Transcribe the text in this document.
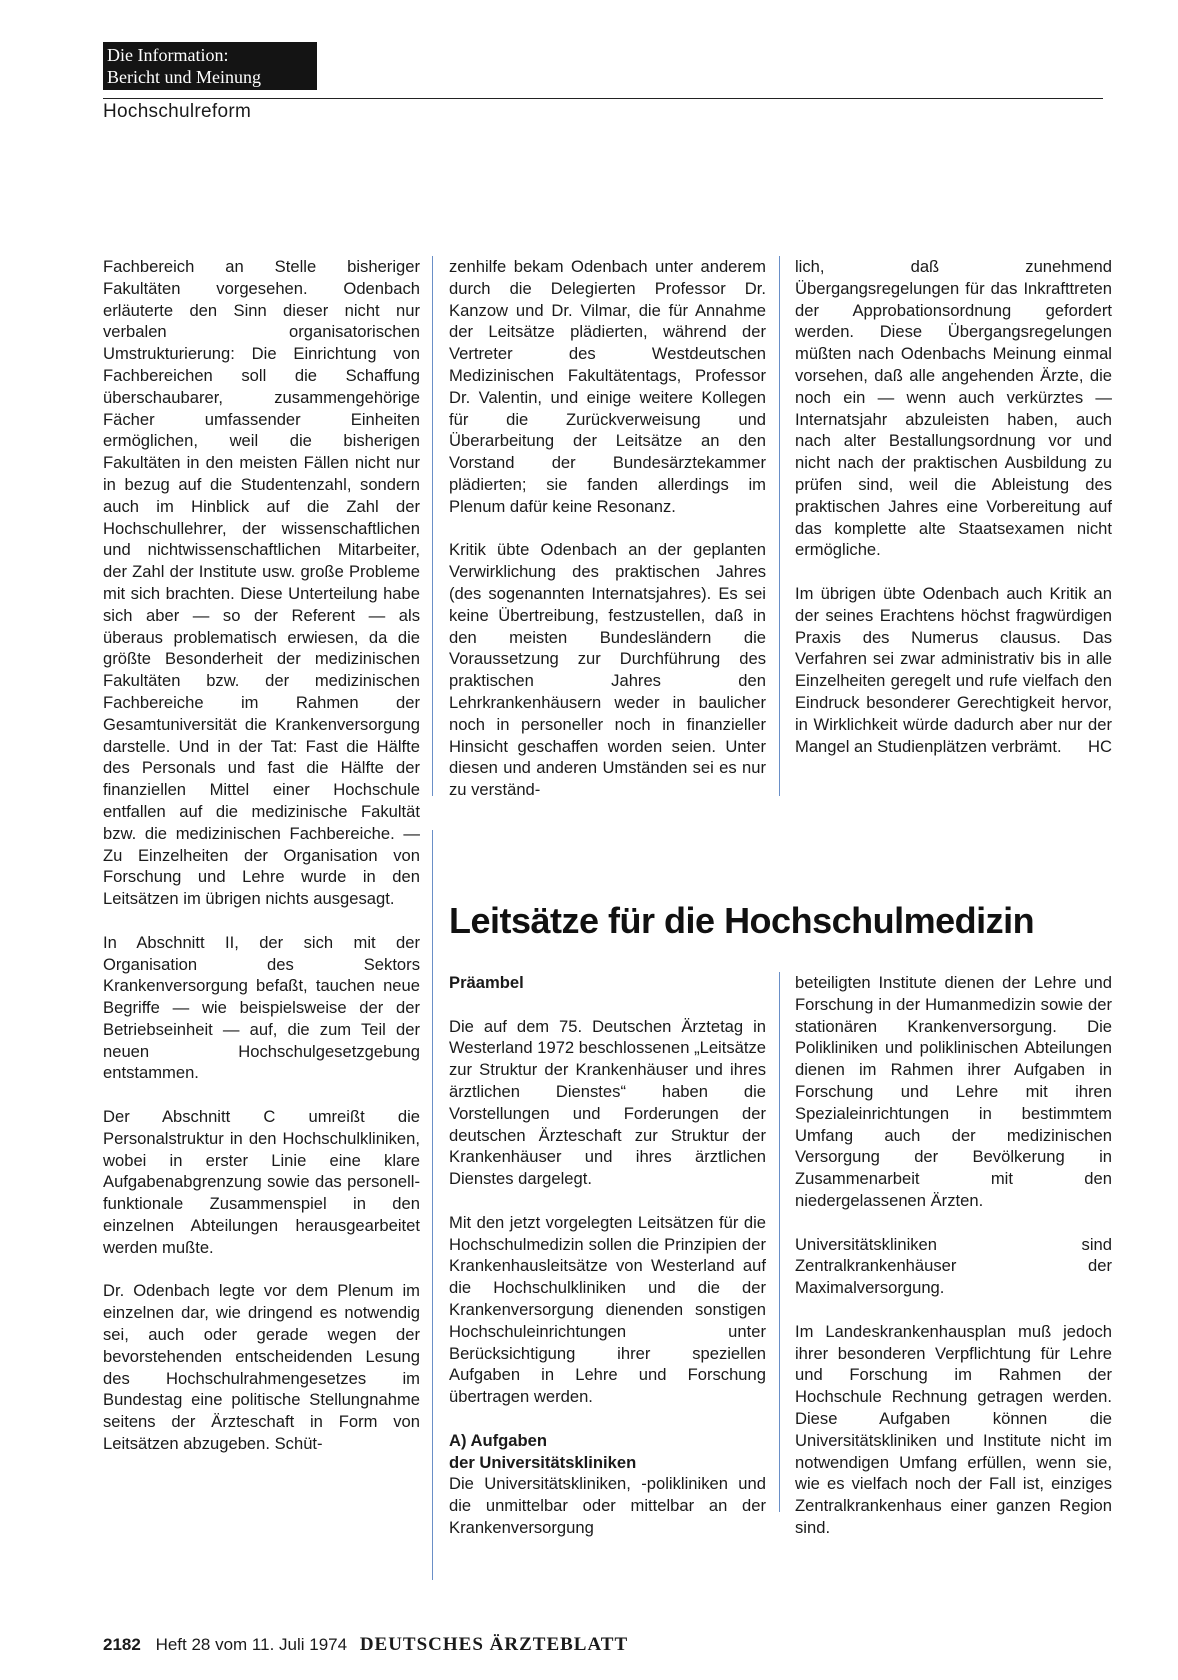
Die Information:
Bericht und Meinung
Hochschulreform

Fachbereich an Stelle bisheriger Fakultäten vorgesehen. Odenbach erläuterte den Sinn dieser nicht nur verbalen organisatorischen Umstrukturierung: Die Einrichtung von Fachbereichen soll die Schaffung überschaubarer, zusammengehörige Fächer umfassender Einheiten ermöglichen, weil die bisherigen Fakultäten in den meisten Fällen nicht nur in bezug auf die Studentenzahl, sondern auch im Hinblick auf die Zahl der Hochschullehrer, der wissenschaftlichen und nichtwissenschaftlichen Mitarbeiter, der Zahl der Institute usw. große Probleme mit sich brachten. Diese Unterteilung habe sich aber — so der Referent — als überaus problematisch erwiesen, da die größte Besonderheit der medizinischen Fakultäten bzw. der medizinischen Fachbereiche im Rahmen der Gesamtuniversität die Krankenversorgung darstelle. Und in der Tat: Fast die Hälfte des Personals und fast die Hälfte der finanziellen Mittel einer Hochschule entfallen auf die medizinische Fakultät bzw. die medizinischen Fachbereiche. — Zu Einzelheiten der Organisation von Forschung und Lehre wurde in den Leitsätzen im übrigen nichts ausgesagt.

In Abschnitt II, der sich mit der Organisation des Sektors Krankenversorgung befaßt, tauchen neue Begriffe — wie beispielsweise der der Betriebseinheit — auf, die zum Teil der neuen Hochschulgesetzgebung entstammen.

Der Abschnitt C umreißt die Personalstruktur in den Hochschulkliniken, wobei in erster Linie eine klare Aufgabenabgrenzung sowie das personell-funktionale Zusammenspiel in den einzelnen Abteilungen herausgearbeitet werden mußte.

Dr. Odenbach legte vor dem Plenum im einzelnen dar, wie dringend es notwendig sei, auch oder gerade wegen der bevorstehenden entscheidenden Lesung des Hochschulrahmengesetzes im Bundestag eine politische Stellungnahme seitens der Ärzteschaft in Form von Leitsätzen abzugeben. Schüt-

zenhilfe bekam Odenbach unter anderem durch die Delegierten Professor Dr. Kanzow und Dr. Vilmar, die für Annahme der Leitsätze plädierten, während der Vertreter des Westdeutschen Medizinischen Fakultätentags, Professor Dr. Valentin, und einige weitere Kollegen für die Zurückverweisung und Überarbeitung der Leitsätze an den Vorstand der Bundesärztekammer plädierten; sie fanden allerdings im Plenum dafür keine Resonanz.

Kritik übte Odenbach an der geplanten Verwirklichung des praktischen Jahres (des sogenannten Internatsjahres). Es sei keine Übertreibung, festzustellen, daß in den meisten Bundesländern die Voraussetzung zur Durchführung des praktischen Jahres den Lehrkrankenhäusern weder in baulicher noch in personeller noch in finanzieller Hinsicht geschaffen worden seien. Unter diesen und anderen Umständen sei es nur zu verständ-

lich, daß zunehmend Übergangsregelungen für das Inkrafttreten der Approbationsordnung gefordert werden. Diese Übergangsregelungen müßten nach Odenbachs Meinung einmal vorsehen, daß alle angehenden Ärzte, die noch ein — wenn auch verkürztes — Internatsjahr abzuleisten haben, auch nach alter Bestallungsordnung vor und nicht nach der praktischen Ausbildung zu prüfen sind, weil die Ableistung des praktischen Jahres eine Vorbereitung auf das komplette alte Staatsexamen nicht ermögliche.

Im übrigen übte Odenbach auch Kritik an der seines Erachtens höchst fragwürdigen Praxis des Numerus clausus. Das Verfahren sei zwar administrativ bis in alle Einzelheiten geregelt und rufe vielfach den Eindruck besonderer Gerechtigkeit hervor, in Wirklichkeit würde dadurch aber nur der Mangel an Studienplätzen verbrämt. HC

Leitsätze für die Hochschulmedizin

Präambel

Die auf dem 75. Deutschen Ärztetag in Westerland 1972 beschlossenen „Leitsätze zur Struktur der Krankenhäuser und ihres ärztlichen Dienstes“ haben die Vorstellungen und Forderungen der deutschen Ärzteschaft zur Struktur der Krankenhäuser und ihres ärztlichen Dienstes dargelegt.

Mit den jetzt vorgelegten Leitsätzen für die Hochschulmedizin sollen die Prinzipien der Krankenhausleitsätze von Westerland auf die Hochschulkliniken und die der Krankenversorgung dienenden sonstigen Hochschuleinrichtungen unter Berücksichtigung ihrer speziellen Aufgaben in Lehre und Forschung übertragen werden.

A) Aufgaben
der Universitätskliniken

Die Universitätskliniken, -polikliniken und die unmittelbar oder mittelbar an der Krankenversorgung

beteiligten Institute dienen der Lehre und Forschung in der Humanmedizin sowie der stationären Krankenversorgung. Die Polikliniken und poliklinischen Abteilungen dienen im Rahmen ihrer Aufgaben in Forschung und Lehre mit ihren Spezialeinrichtungen in bestimmtem Umfang auch der medizinischen Versorgung der Bevölkerung in Zusammenarbeit mit den niedergelassenen Ärzten.

Universitätskliniken sind Zentralkrankenhäuser der Maximalversorgung.

Im Landeskrankenhausplan muß jedoch ihrer besonderen Verpflichtung für Lehre und Forschung im Rahmen der Hochschule Rechnung getragen werden. Diese Aufgaben können die Universitätskliniken und Institute nicht im notwendigen Umfang erfüllen, wenn sie, wie es vielfach noch der Fall ist, einziges Zentralkrankenhaus einer ganzen Region sind.

2182 Heft 28 vom 11. Juli 1974 DEUTSCHES ÄRZTEBLATT
